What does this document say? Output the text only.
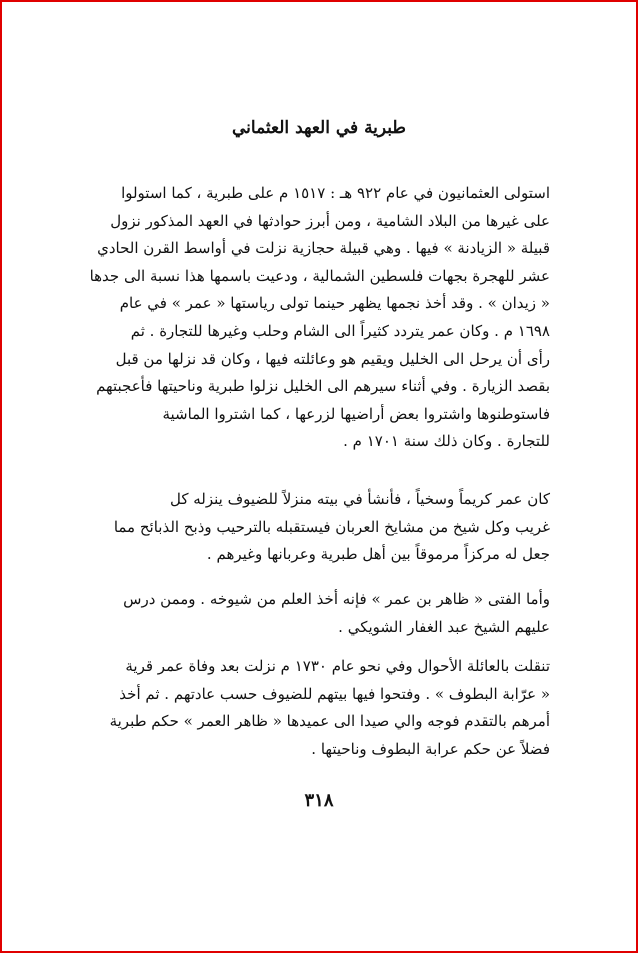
طبرية في العهد العثماني
استولى العثمانيون في عام ٩٢٢ هـ : ١٥١٧ م على طبرية ، كما استولوا
على غيرها من البلاد الشامية ، ومن أبرز حوادثها في العهد المذكور نزول
قبيلة « الزيادنة » فيها . وهي قبيلة حجازية نزلت في أواسط القرن الحادي
عشر للهجرة بجهات فلسطين الشمالية ، ودعيت باسمها هذا نسبة الى جدها
« زيدان » . وقد أخذ نجمها يظهر حينما تولى رياستها « عمر » في عام
١٦٩٨ م . وكان عمر يتردد كثيراً الى الشام وحلب وغيرها للتجارة . ثم
رأى أن يرحل الى الخليل ويقيم هو وعائلته فيها ، وكان قد نزلها من قبل
بقصد الزيارة . وفي أثناء سيرهم الى الخليل نزلوا طبرية وناحيتها فأعجبتهم
فاستوطنوها واشتروا بعض أراضيها لزرعها ، كما اشتروا الماشية
للتجارة . وكان ذلك سنة ١٧٠١ م .
كان عمر كريماً وسخياً ، فأنشأ في بيته منزلاً للضيوف ينزله كل
غريب وكل شيخ من مشايخ العربان فيستقبله بالترحيب وذبح الذبائح مما
جعل له مركزاً مرموقاً بين أهل طبرية وعربانها وغيرهم .
وأما الفتى « ظاهر بن عمر » فإنه أخذ العلم من شيوخه . وممن درس
عليهم الشيخ عبد الغفار الشويكي .
تنقلت بالعائلة الأحوال وفي نحو عام ١٧٣٠ م نزلت بعد وفاة عمر قرية
« عرّابة البطوف » . وفتحوا فيها بيتهم للضيوف حسب عادتهم . ثم أخذ
أمرهم بالتقدم فوجه والي صيدا الى عميدها « ظاهر العمر » حكم طبرية
فضلاً عن حكم عرابة البطوف وناحيتها .
٣١٨
